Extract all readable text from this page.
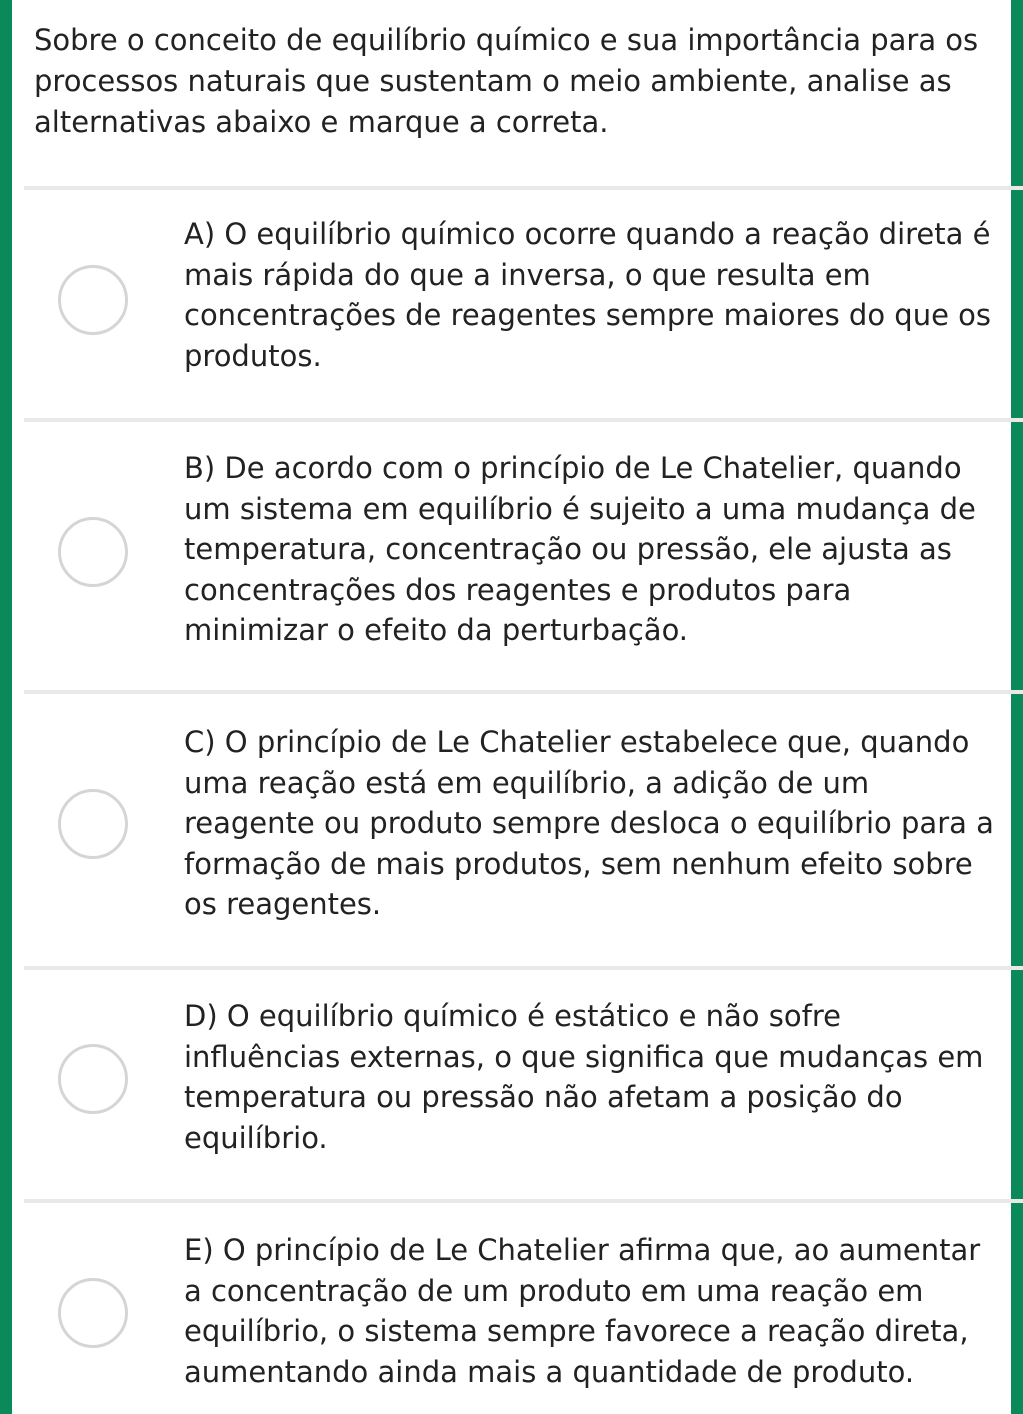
Sobre o conceito de equilíbrio químico e sua importância para os processos naturais que sustentam o meio ambiente, analise as alternativas abaixo e marque a correta.

A) O equilíbrio químico ocorre quando a reação direta é mais rápida do que a inversa, o que resulta em concentrações de reagentes sempre maiores do que os produtos.

B) De acordo com o princípio de Le Chatelier, quando um sistema em equilíbrio é sujeito a uma mudança de temperatura, concentração ou pressão, ele ajusta as concentrações dos reagentes e produtos para minimizar o efeito da perturbação.

C) O princípio de Le Chatelier estabelece que, quando uma reação está em equilíbrio, a adição de um reagente ou produto sempre desloca o equilíbrio para a formação de mais produtos, sem nenhum efeito sobre os reagentes.

D) O equilíbrio químico é estático e não sofre influências externas, o que significa que mudanças em temperatura ou pressão não afetam a posição do equilíbrio.

E) O princípio de Le Chatelier afirma que, ao aumentar a concentração de um produto em uma reação em equilíbrio, o sistema sempre favorece a reação direta, aumentando ainda mais a quantidade de produto.
